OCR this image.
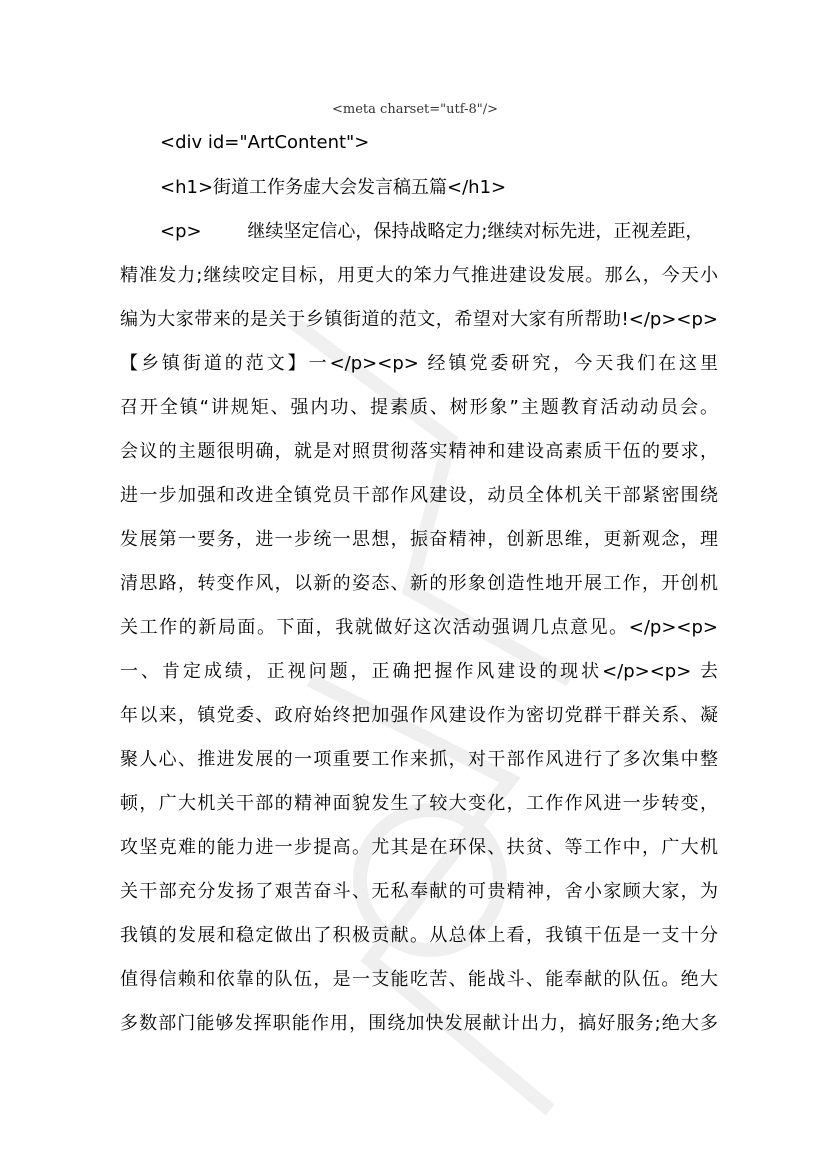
<meta charset="utf-8"/>
<div id="ArtContent">
<h1>街道工作务虚大会发言稿五篇</h1>
<p>        继续坚定信心，保持战略定力;继续对标先进，正视差距，
精准发力;继续咬定目标，用更大的笨力气推进建设发展。那么，今天小
编为大家带来的是关于乡镇街道的范文，希望对大家有所帮助!</p><p>
【乡镇街道的范文】一</p><p> 经镇党委研究，今天我们在这里
召开全镇“讲规矩、强内功、提素质、树形象”主题教育活动动员会。
会议的主题很明确，就是对照贯彻落实精神和建设高素质干伍的要求，
进一步加强和改进全镇党员干部作风建设，动员全体机关干部紧密围绕
发展第一要务，进一步统一思想，振奋精神，创新思维，更新观念，理
清思路，转变作风，以新的姿态、新的形象创造性地开展工作，开创机
关工作的新局面。下面，我就做好这次活动强调几点意见。</p><p>
一、肯定成绩，正视问题，正确把握作风建设的现状</p><p> 去
年以来，镇党委、政府始终把加强作风建设作为密切党群干群关系、凝
聚人心、推进发展的一项重要工作来抓，对干部作风进行了多次集中整
顿，广大机关干部的精神面貌发生了较大变化，工作作风进一步转变，
攻坚克难的能力进一步提高。尤其是在环保、扶贫、等工作中，广大机
关干部充分发扬了艰苦奋斗、无私奉献的可贵精神，舍小家顾大家，为
我镇的发展和稳定做出了积极贡献。从总体上看，我镇干伍是一支十分
值得信赖和依靠的队伍，是一支能吃苦、能战斗、能奉献的队伍。绝大
多数部门能够发挥职能作用，围绕加快发展献计出力，搞好服务;绝大多
